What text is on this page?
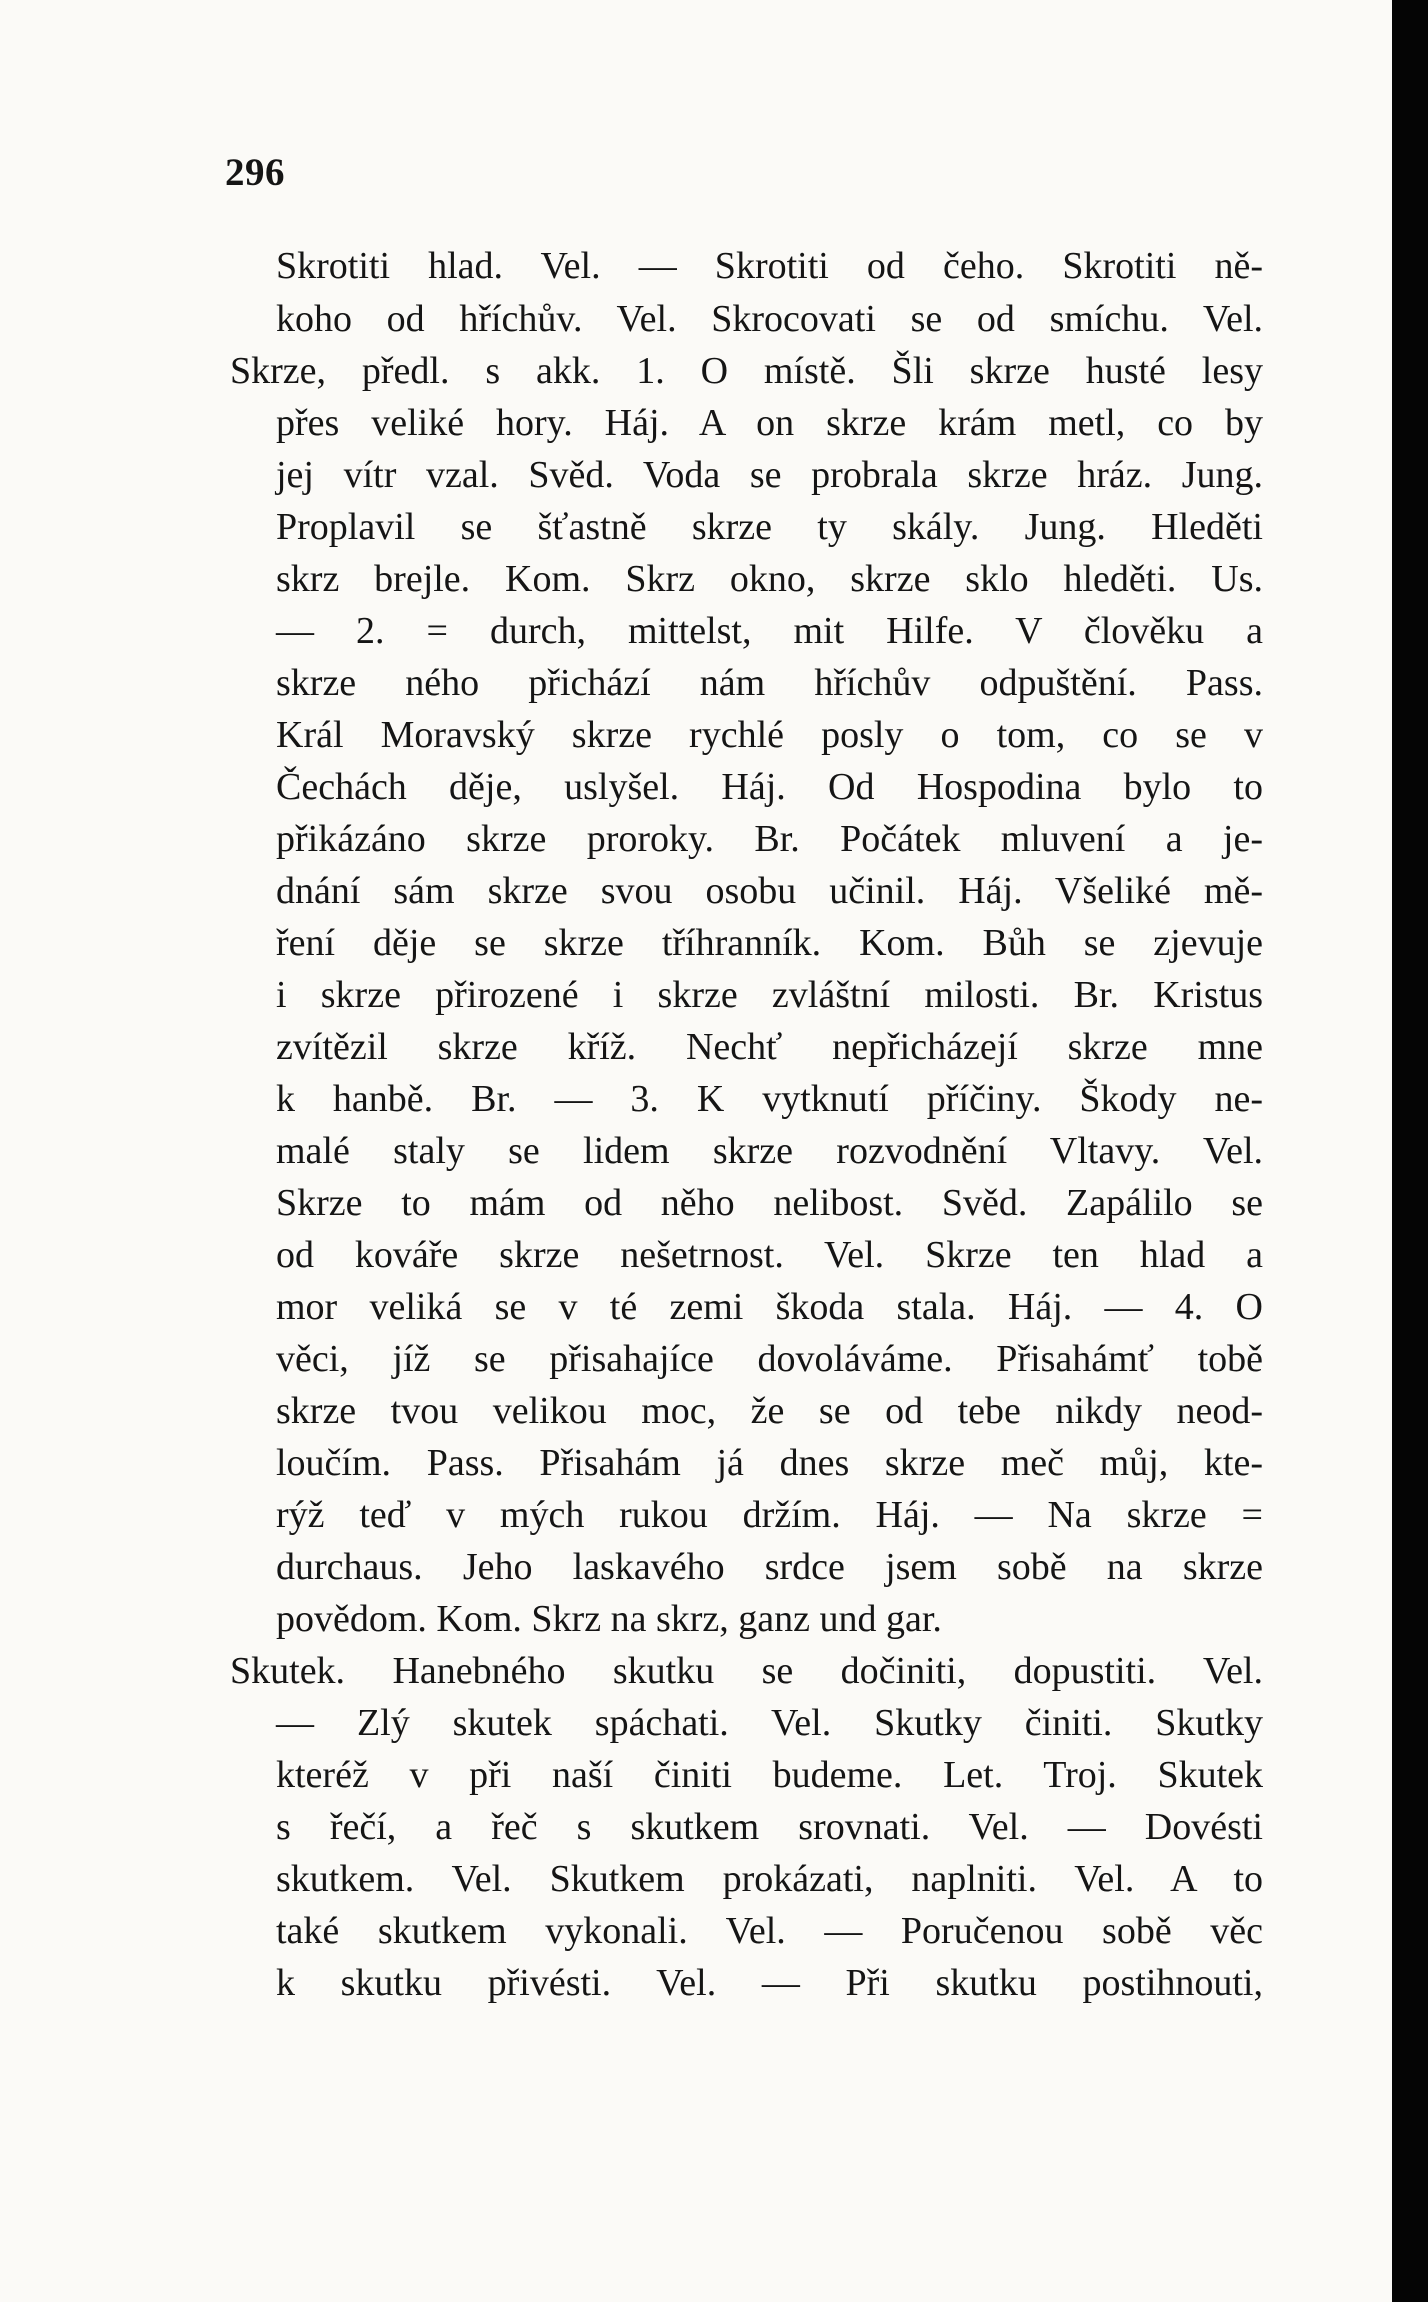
296
Skrotiti hlad. Vel. — Skrotiti od čeho. Skrotiti ně-
koho od hříchův. Vel. Skrocovati se od smíchu. Vel.
Skrze, předl. s akk. 1. O místě. Šli skrze husté lesy
přes veliké hory. Háj. A on skrze krám metl, co by
jej vítr vzal. Svěd. Voda se probrala skrze hráz. Jung.
Proplavil se šťastně skrze ty skály. Jung. Hleděti
skrz brejle. Kom. Skrz okno, skrze sklo hleděti. Us.
— 2. = durch, mittelst, mit Hilfe. V člověku a
skrze ného přichází nám hříchův odpuštění. Pass.
Král Moravský skrze rychlé posly o tom, co se v
Čechách děje, uslyšel. Háj. Od Hospodina bylo to
přikázáno skrze proroky. Br. Počátek mluvení a je-
dnání sám skrze svou osobu učinil. Háj. Všeliké mě-
ření děje se skrze tříhranník. Kom. Bůh se zjevuje
i skrze přirozené i skrze zvláštní milosti. Br. Kristus
zvítězil skrze kříž. Nechť nepřicházejí skrze mne
k hanbě. Br. — 3. K vytknutí příčiny. Škody ne-
malé staly se lidem skrze rozvodnění Vltavy. Vel.
Skrze to mám od něho nelibost. Svěd. Zapálilo se
od kováře skrze nešetrnost. Vel. Skrze ten hlad a
mor veliká se v té zemi škoda stala. Háj. — 4. O
věci, jíž se přisahajíce dovoláváme. Přisahámť tobě
skrze tvou velikou moc, že se od tebe nikdy neod-
loučím. Pass. Přisahám já dnes skrze meč můj, kte-
rýž teď v mých rukou držím. Háj. — Na skrze =
durchaus. Jeho laskavého srdce jsem sobě na skrze
povědom. Kom. Skrz na skrz, ganz und gar.
Skutek. Hanebného skutku se dočiniti, dopustiti. Vel.
— Zlý skutek spáchati. Vel. Skutky činiti. Skutky
kteréž v při naší činiti budeme. Let. Troj. Skutek
s řečí, a řeč s skutkem srovnati. Vel. — Dovésti
skutkem. Vel. Skutkem prokázati, naplniti. Vel. A to
také skutkem vykonali. Vel. — Poručenou sobě věc
k skutku přivésti. Vel. — Při skutku postihnouti,
